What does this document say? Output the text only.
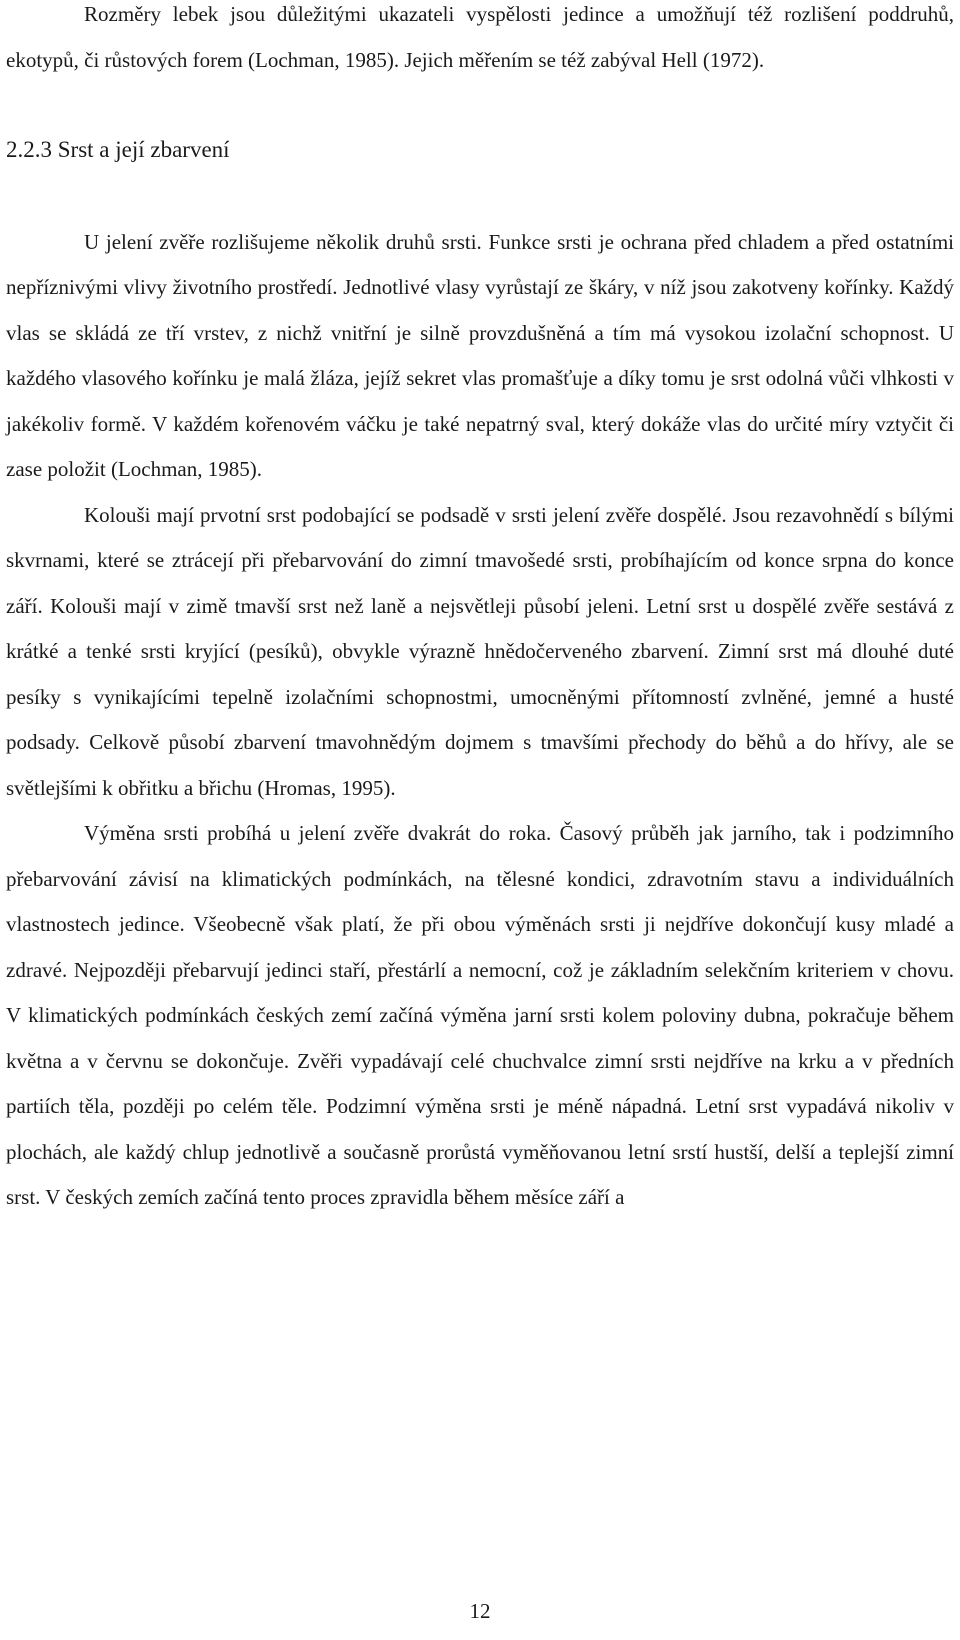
Rozměry lebek jsou důležitými ukazateli vyspělosti jedince a umožňují též rozlišení poddruhů, ekotypů, či růstových forem (Lochman, 1985). Jejich měřením se též zabýval Hell (1972).

2.2.3 Srst a její zbarvení

U jelení zvěře rozlišujeme několik druhů srsti. Funkce srsti je ochrana před chladem a před ostatními nepříznivými vlivy životního prostředí. Jednotlivé vlasy vyrůstají ze škáry, v níž jsou zakotveny kořínky. Každý vlas se skládá ze tří vrstev, z nichž vnitřní je silně provzdušněná a tím má vysokou izolační schopnost. U každého vlasového kořínku je malá žláza, jejíž sekret vlas promašťuje a díky tomu je srst odolná vůči vlhkosti v jakékoliv formě. V každém kořenovém váčku je také nepatrný sval, který dokáže vlas do určité míry vztyčit či zase položit (Lochman, 1985).

Kolouši mají prvotní srst podobající se podsadě v srsti jelení zvěře dospělé. Jsou rezavohnědí s bílými skvrnami, které se ztrácejí při přebarvování do zimní tmavošedé srsti, probíhajícím od konce srpna do konce září. Kolouši mají v zimě tmavší srst než laně a nejsvětleji působí jeleni. Letní srst u dospělé zvěře sestává z krátké a tenké srsti kryjící (pesíků), obvykle výrazně hnědočerveného zbarvení. Zimní srst má dlouhé duté pesíky s vynikajícími tepelně izolačními schopnostmi, umocněnými přítomností zvlněné, jemné a husté podsady. Celkově působí zbarvení tmavohnědým dojmem s tmavšími přechody do běhů a do hřívy, ale se světlejšími k obřitku a břichu (Hromas, 1995).

Výměna srsti probíhá u jelení zvěře dvakrát do roka. Časový průběh jak jarního, tak i podzimního přebarvování závisí na klimatických podmínkách, na tělesné kondici, zdravotním stavu a individuálních vlastnostech jedince. Všeobecně však platí, že při obou výměnách srsti ji nejdříve dokončují kusy mladé a zdravé. Nejpozději přebarvují jedinci staří, přestárlí a nemocní, což je základním selekčním kriteriem v chovu. V klimatických podmínkách českých zemí začíná výměna jarní srsti kolem poloviny dubna, pokračuje během května a v červnu se dokončuje. Zvěři vypadávají celé chuchvalce zimní srsti nejdříve na krku a v předních partiích těla, později po celém těle. Podzimní výměna srsti je méně nápadná. Letní srst vypadává nikoliv v plochách, ale každý chlup jednotlivě a současně prorůstá vyměňovanou letní srstí hustší, delší a teplejší zimní srst. V českých zemích začíná tento proces zpravidla během měsíce září a

12
